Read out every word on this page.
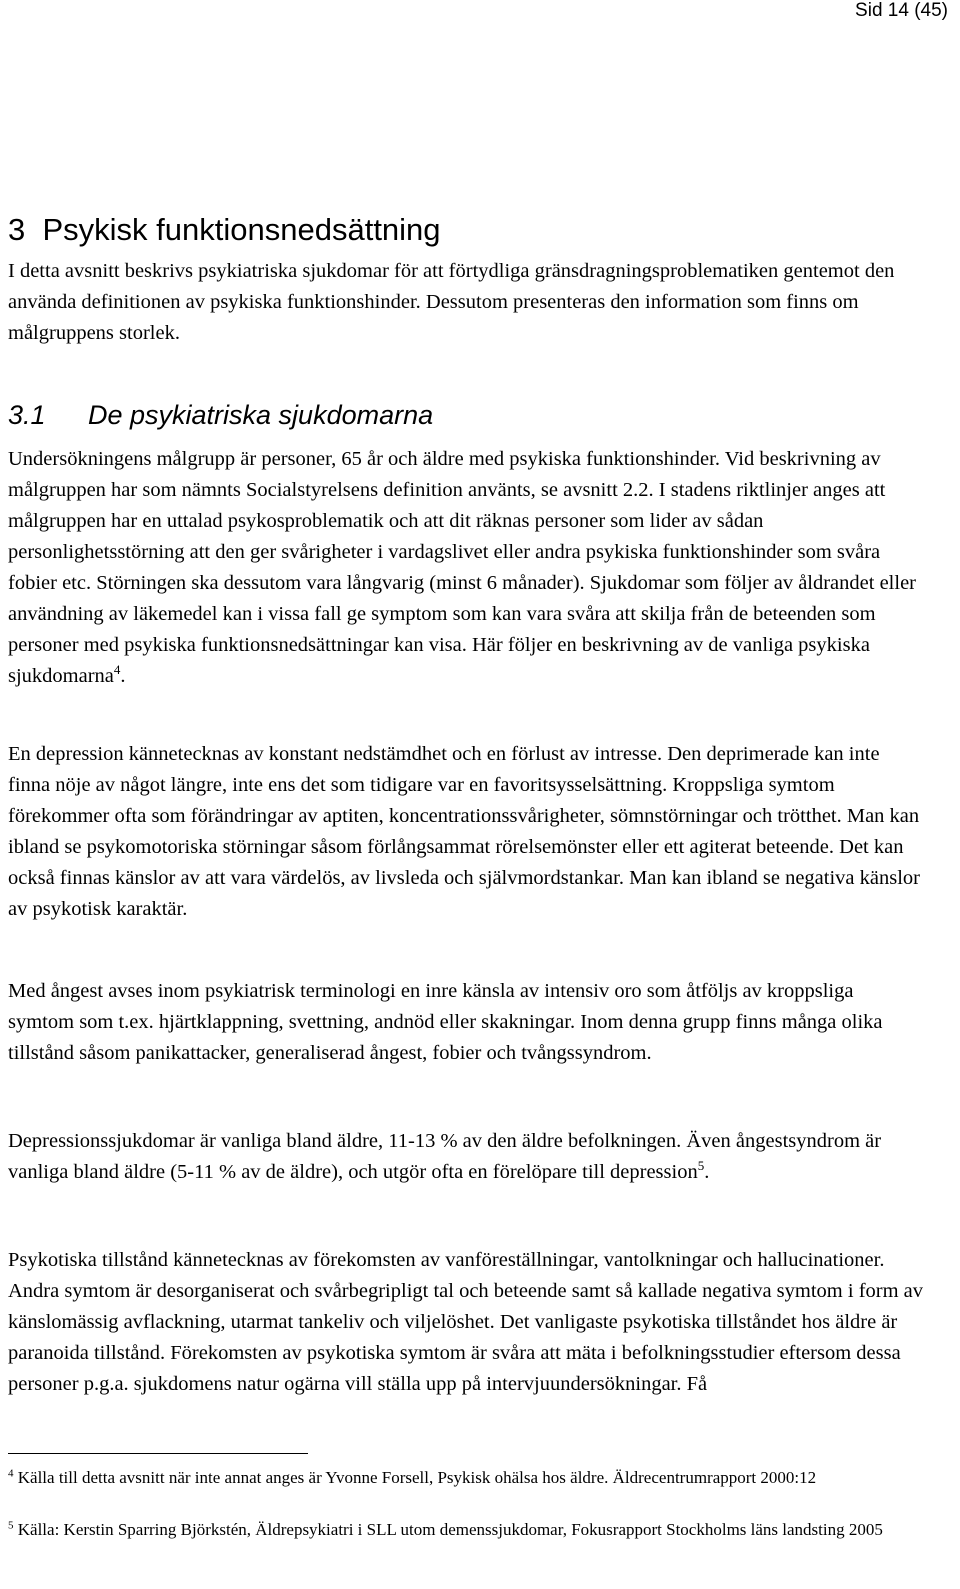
Sid 14 (45)
3 Psykisk funktionsnedsättning

I detta avsnitt beskrivs psykiatriska sjukdomar för att förtydliga gränsdragningsproblematiken gentemot den använda definitionen av psykiska funktionshinder. Dessutom presenteras den information som finns om målgruppens storlek.

3.1 De psykiatriska sjukdomarna

Undersökningens målgrupp är personer, 65 år och äldre med psykiska funktionshinder. Vid beskrivning av målgruppen har som nämnts Socialstyrelsens definition använts, se avsnitt 2.2. I stadens riktlinjer anges att målgruppen har en uttalad psykosproblematik och att dit räknas personer som lider av sådan personlighetsstörning att den ger svårigheter i vardagslivet eller andra psykiska funktionshinder som svåra fobier etc. Störningen ska dessutom vara långvarig (minst 6 månader). Sjukdomar som följer av åldrandet eller användning av läkemedel kan i vissa fall ge symptom som kan vara svåra att skilja från de beteenden som personer med psykiska funktionsnedsättningar kan visa. Här följer en beskrivning av de vanliga psykiska sjukdomarna$^4$.

En depression kännetecknas av konstant nedstämdhet och en förlust av intresse. Den deprimerade kan inte finna nöje av något längre, inte ens det som tidigare var en favoritsysselsättning. Kroppsliga symtom förekommer ofta som förändringar av aptiten, koncentrationssvårigheter, sömnstörningar och trötthet. Man kan ibland se psykomotoriska störningar såsom förlångsammat rörelsemönster eller ett agiterat beteende. Det kan också finnas känslor av att vara värdelös, av livsleda och självmordstankar. Man kan ibland se negativa känslor av psykotisk karaktär.

Med ångest avses inom psykiatrisk terminologi en inre känsla av intensiv oro som åtföljs av kroppsliga symtom som t.ex. hjärtklappning, svettning, andnöd eller skakningar. Inom denna grupp finns många olika tillstånd såsom panikattacker, generaliserad ångest, fobier och tvångssyndrom.

Depressionssjukdomar är vanliga bland äldre, 11-13 % av den äldre befolkningen. Även ångestsyndrom är vanliga bland äldre (5-11 % av de äldre), och utgör ofta en förelöpare till depression$^5$.

Psykotiska tillstånd kännetecknas av förekomsten av vanföreställningar, vantolkningar och hallucinationer. Andra symtom är desorganiserat och svårbegripligt tal och beteende samt så kallade negativa symtom i form av känslomässig avflackning, utarmat tankeliv och viljelöshet. Det vanligaste psykotiska tillståndet hos äldre är paranoida tillstånd. Förekomsten av psykotiska symtom är svåra att mäta i befolkningsstudier eftersom dessa personer p.g.a. sjukdomens natur ogärna vill ställa upp på intervjuundersökningar. Få

$^4$ Källa till detta avsnitt när inte annat anges är Yvonne Forsell, Psykisk ohälsa hos äldre. Äldrecentrumrapport 2000:12

$^5$ Källa: Kerstin Sparring Björkstén, Äldrepsykiatri i SLL utom demenssjukdomar, Fokusrapport Stockholms läns landsting 2005
